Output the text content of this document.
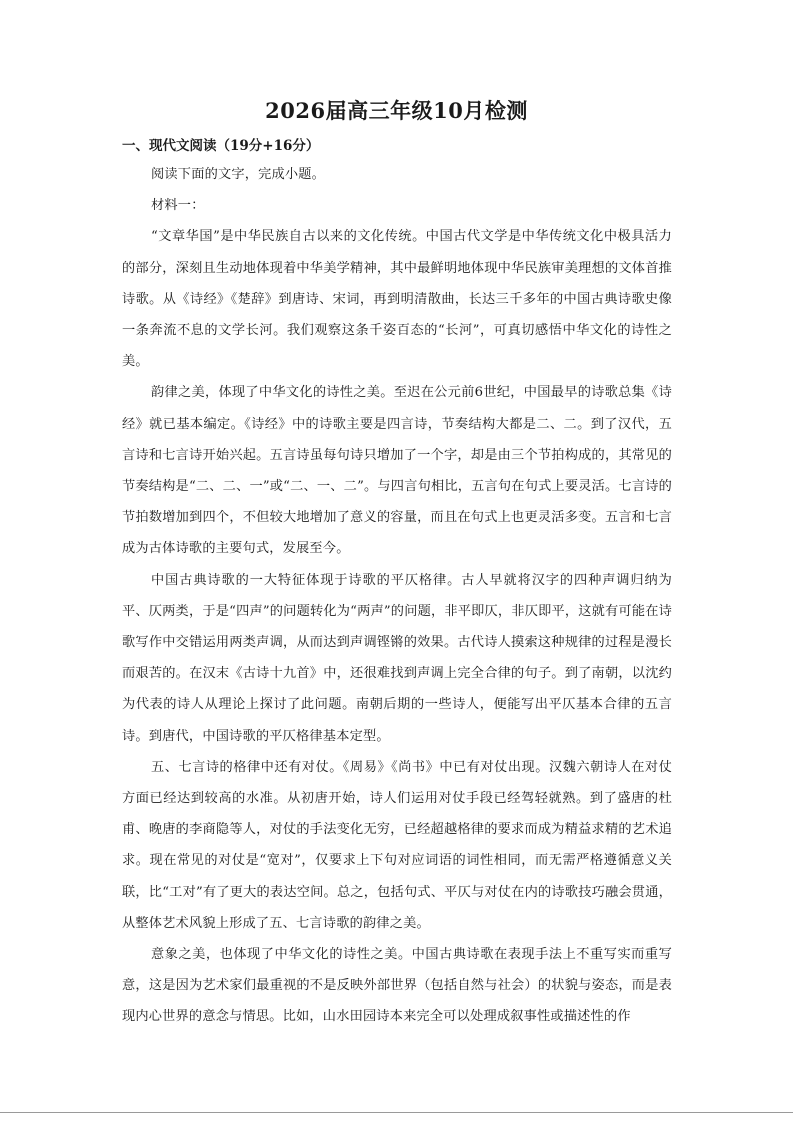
2026届高三年级10月检测
一、现代文阅读（19分+16分）

阅读下面的文字，完成小题。

材料一：

“文章华国”是中华民族自古以来的文化传统。中国古代文学是中华传统文化中极具活力的部分，深刻且生动地体现着中华美学精神，其中最鲜明地体现中华民族审美理想的文体首推诗歌。从《诗经》《楚辞》到唐诗、宋词，再到明清散曲，长达三千多年的中国古典诗歌史像一条奔流不息的文学长河。我们观察这条千姿百态的“长河”，可真切感悟中华文化的诗性之美。

韵律之美，体现了中华文化的诗性之美。至迟在公元前6世纪，中国最早的诗歌总集《诗经》就已基本编定。《诗经》中的诗歌主要是四言诗，节奏结构大都是二、二。到了汉代，五言诗和七言诗开始兴起。五言诗虽每句诗只增加了一个字，却是由三个节拍构成的，其常见的节奏结构是“二、二、一”或“二、一、二”。与四言句相比，五言句在句式上要灵活。七言诗的节拍数增加到四个，不但较大地增加了意义的容量，而且在句式上也更灵活多变。五言和七言成为古体诗歌的主要句式，发展至今。

中国古典诗歌的一大特征体现于诗歌的平仄格律。古人早就将汉字的四种声调归纳为平、仄两类，于是“四声”的问题转化为“两声”的问题，非平即仄，非仄即平，这就有可能在诗歌写作中交错运用两类声调，从而达到声调铿锵的效果。古代诗人摸索这种规律的过程是漫长而艰苦的。在汉末《古诗十九首》中，还很难找到声调上完全合律的句子。到了南朝，以沈约为代表的诗人从理论上探讨了此问题。南朝后期的一些诗人，便能写出平仄基本合律的五言诗。到唐代，中国诗歌的平仄格律基本定型。

五、七言诗的格律中还有对仗。《周易》《尚书》中已有对仗出现。汉魏六朝诗人在对仗方面已经达到较高的水准。从初唐开始，诗人们运用对仗手段已经驾轻就熟。到了盛唐的杜甫、晚唐的李商隐等人，对仗的手法变化无穷，已经超越格律的要求而成为精益求精的艺术追求。现在常见的对仗是“宽对”，仅要求上下句对应词语的词性相同，而无需严格遵循意义关联，比“工对”有了更大的表达空间。总之，包括句式、平仄与对仗在内的诗歌技巧融会贯通，从整体艺术风貌上形成了五、七言诗歌的韵律之美。

意象之美，也体现了中华文化的诗性之美。中国古典诗歌在表现手法上不重写实而重写意，这是因为艺术家们最重视的不是反映外部世界（包括自然与社会）的状貌与姿态，而是表现内心世界的意念与情思。比如，山水田园诗本来完全可以处理成叙事性或描述性的作
